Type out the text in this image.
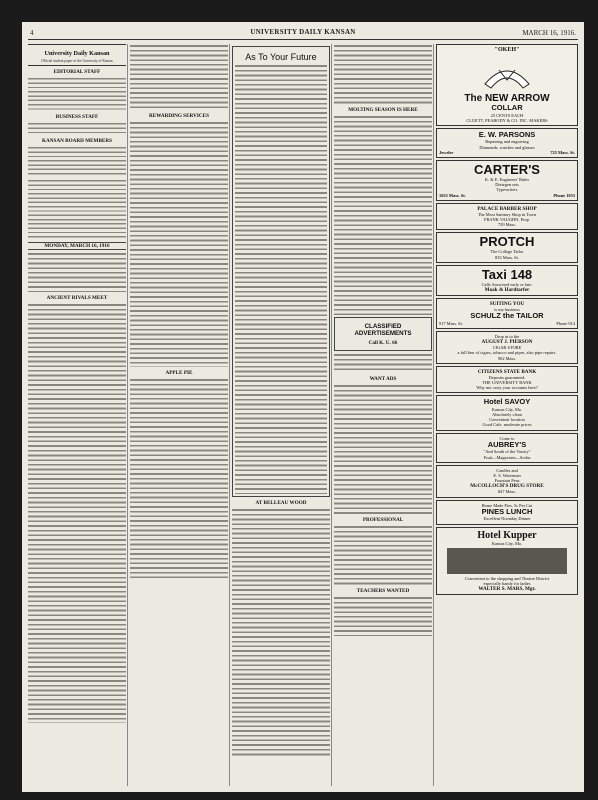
4	UNIVERSITY DAILY KANSAN	MARCH 16, 1916.
University Daily Kansan
Official student paper of the University of Kansas
EDITORIAL STAFF
BUSINESS STAFF
KANSAN BOARD MEMBERS
MONDAY, MARCH 16, 1916
ANCIENT RIVALS MEET
REWARDING SERVICES
APPLE PIE
As To Your Future
AT BELLEAU WOOD
MOLTING SEASON IS HERE
CLASSIFIED ADVERTISEMENTS
Call K. U. 66
WANT ADS
PROFESSIONAL
TEACHERS WANTED
"OKEH"
The NEW ARROW
COLLAR
25 CENTS EACH
CLUETT, PEABODY & CO. INC. MAKERS
E. W. PARSONS
Repairing and engraving
Diamonds, watches and glasses
Jeweler	725 Mass. St.
CARTER'S
K. & E. Engineers' Rules
Dietzgen sets
Typewriters
1025 Mass. St.	Phone 1053
PALACE BARBER SHOP
The Most Sanitary Shop in Town
FRANK VAUGHN, Prop.
739 Mass.
PROTCH
The College Tailor
833 Mass. St.
Taxi 148
Calls Answered early or late.
Moak & Hardtarfer
SUITING YOU
is my business
SCHULZ the TAILOR
917 Mass. St.	Phone 914
Drop in to the
AUGUST J. PIERSON
CIGAR STORE
a full line of cigars, tobacco and pipes, also pipe repairs.
902 Mass.
CITIZENS STATE BANK
Deposits guaranteed.
THE UNIVERSITY BANK
Why not carry your accounts here?
Hotel SAVOY
Kansas City, Mo.
Absolutely clean
Convenient location
Good Cafe, moderate prices
Come to
AUBREY'S
"And South of the Varsity"
Fruit—Magazines—Sodas
Candles and
E. S. Waterman
Fountain Pens
McCOLLOCH'S DRUG STORE
847 Mass.
Home Made Pies, 5c Per Cut
PINES LUNCH
Excellent Noonday Dinner
Hotel Kupper
Kansas City, Mo.
Convenient to the shopping and Theatre District
especially handy for ladies
WALTER S. MARS, Mgr.
